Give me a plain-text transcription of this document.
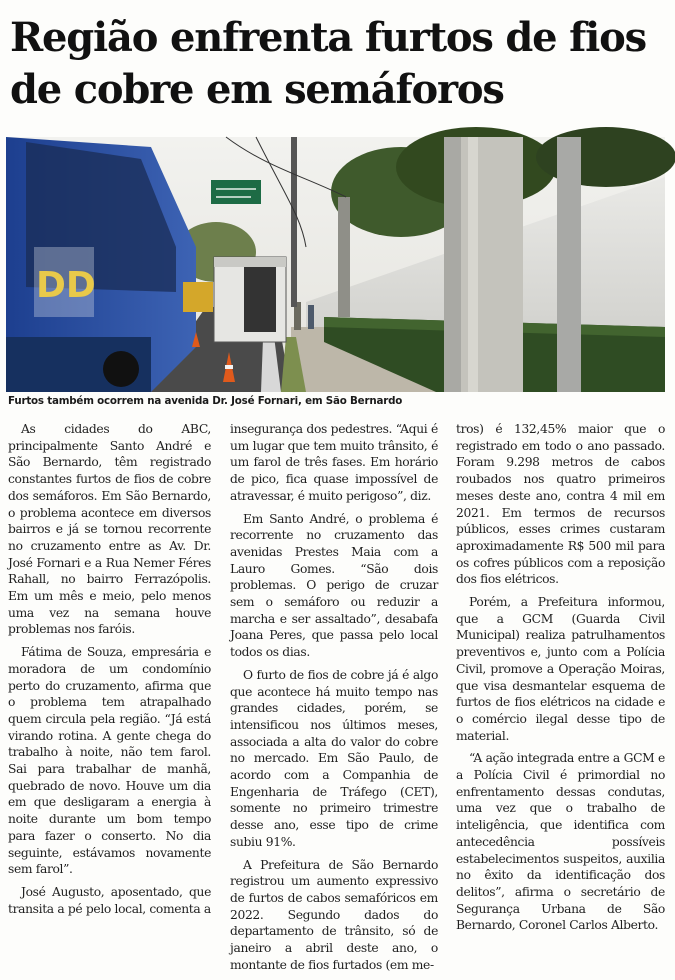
Região enfrenta furtos de fios
de cobre em semáforos
DD
Furtos também ocorrem na avenida Dr. José Fornari, em São Bernardo

As cidades do ABC, principalmente Santo André e São Bernardo, têm registrado constantes furtos de fios de cobre dos semáforos. Em São Bernardo, o problema acontece em diversos bairros e já se tornou recorrente no cruzamento entre as Av. Dr. José Fornari e a Rua Nemer Féres Rahall, no bairro Ferrazópolis. Em um mês e meio, pelo menos uma vez na semana houve problemas nos faróis.

Fátima de Souza, empresária e moradora de um condomínio perto do cruzamento, afirma que o problema tem atrapalhado quem circula pela região. “Já está virando rotina. A gente chega do trabalho à noite, não tem farol. Sai para trabalhar de manhã, quebrado de novo. Houve um dia em que desligaram a energia à noite durante um bom tempo para fazer o conserto. No dia seguinte, estávamos novamente sem farol”.

José Augusto, aposentado, que transita a pé pelo local, comenta a

insegurança dos pedestres. “Aqui é um lugar que tem muito trânsito, é um farol de três fases. Em horário de pico, fica quase impossível de atravessar, é muito perigoso”, diz.

Em Santo André, o problema é recorrente no cruzamento das avenidas Prestes Maia com a Lauro Gomes. “São dois problemas. O perigo de cruzar sem o semáforo ou reduzir a marcha e ser assaltado”, desabafa Joana Peres, que passa pelo local todos os dias.

O furto de fios de cobre já é algo que acontece há muito tempo nas grandes cidades, porém, se intensificou nos últimos meses, associada a alta do valor do cobre no mercado. Em São Paulo, de acordo com a Companhia de Engenharia de Tráfego (CET), somente no primeiro trimestre desse ano, esse tipo de crime subiu 91%.

A Prefeitura de São Bernardo registrou um aumento expressivo de furtos de cabos semafóricos em 2022. Segundo dados do departamento de trânsito, só de janeiro a abril deste ano, o montante de fios furtados (em me-

tros) é 132,45% maior que o registrado em todo o ano passado. Foram 9.298 metros de cabos roubados nos quatro primeiros meses deste ano, contra 4 mil em 2021. Em termos de recursos públicos, esses crimes custaram aproximadamente R$ 500 mil para os cofres públicos com a reposição dos fios elétricos.

Porém, a Prefeitura informou, que a GCM (Guarda Civil Municipal) realiza patrulhamentos preventivos e, junto com a Polícia Civil, promove a Operação Moiras, que visa desmantelar esquema de furtos de fios elétricos na cidade e o comércio ilegal desse tipo de material.

“A ação integrada entre a GCM e a Polícia Civil é primordial no enfrentamento dessas condutas, uma vez que o trabalho de inteligência, que identifica com antecedência possíveis estabelecimentos suspeitos, auxilia no êxito da identificação dos delitos”, afirma o secretário de Segurança Urbana de São Bernardo, Coronel Carlos Alberto.
